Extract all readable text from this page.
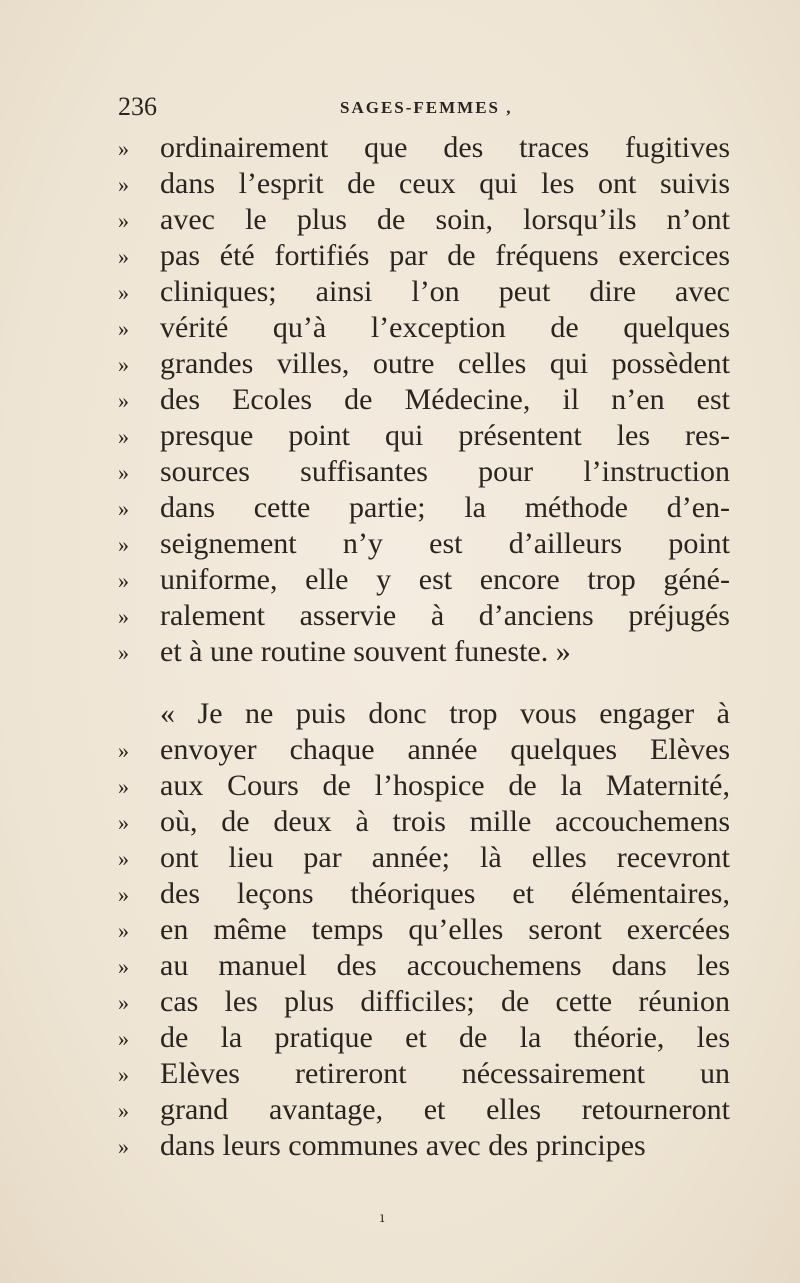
236	SAGES-FEMMES ,
»	ordinairement que des traces fugitives
»	dans l’esprit de ceux qui les ont suivis
»	avec le plus de soin, lorsqu’ils n’ont
»	pas été fortifiés par de fréquens exercices
»	cliniques; ainsi l’on peut dire avec
»	vérité qu’à l’exception de quelques
»	grandes villes, outre celles qui possèdent
»	des Ecoles de Médecine, il n’en est
»	presque point qui présentent les res-
»	sources suffisantes pour l’instruction
»	dans cette partie; la méthode d’en-
»	seignement n’y est d’ailleurs point
»	uniforme, elle y est encore trop géné-
»	ralement asservie à d’anciens préjugés
»	et à une routine souvent funeste. »
« Je ne puis donc trop vous engager à
»	envoyer chaque année quelques Elèves
»	aux Cours de l’hospice de la Maternité,
»	où, de deux à trois mille accouchemens
»	ont lieu par année; là elles recevront
»	des leçons théoriques et élémentaires,
»	en même temps qu’elles seront exercées
»	au manuel des accouchemens dans les
»	cas les plus difficiles; de cette réunion
»	de la pratique et de la théorie, les
»	Elèves retireront nécessairement un
»	grand avantage, et elles retourneront
»	dans leurs communes avec des principes
ı
